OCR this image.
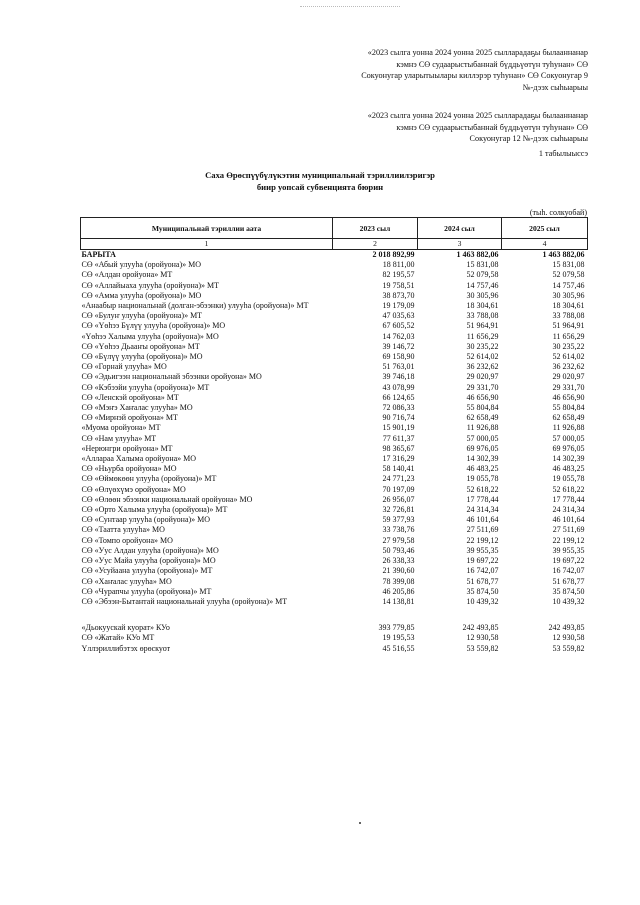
«2023 сылга уонна 2024 уонна 2025 сылларадаҕы былааннанар
кэмнэ СӨ судаарыстыбаннай бүддьүөтүн туһунан» СӨ
Сокуонугар уларытыылары киллэрэр туһунан» СӨ Сокуонугар 9
№-дээх сыһыарыы
«2023 сылга уонна 2024 уонна 2025 сылларадаҕы былааннанар
кэмнэ СӨ судаарыстыбаннай бүддьүөтүн туһунан» СӨ
Сокуонугар 12 №-дээх сыһыарыы
1 табылыыссэ
Саха Өрөспүүбүлүкэтин муниципальнай тэриллиилэригэр
биир уопсай субвенцията бюрин
(тыһ. солкуобай)
Муниципальнай тэриллии аата	2023 сыл	2024 сыл	2025 сыл
1	2	3	4
БАРЫТА	2 018 892,99	1 463 882,06	1 463 882,06
СӨ «Абый улууһа (оройуона)» МО	18 811,00	15 831,08	15 831,08
СӨ «Алдан оройуона» МТ	82 195,57	52 079,58	52 079,58
СӨ «Аллайыаха улууһа (оройуона)» МТ	19 758,51	14 757,46	14 757,46
СӨ «Амма улууһа (оройуона)» МО	38 873,70	30 305,96	30 305,96
«Анаабыр национальнай (долган-эбээнки) улууһа (оройуона)» МТ	19 179,09	18 304,61	18 304,61
СӨ «Булуҥ улууһа (оройуона)» МТ	47 035,63	33 788,08	33 788,08
СӨ «Үөһээ Бүлүү улууһа (оройуона)» МО	67 605,52	51 964,91	51 964,91
«Үөһээ Халыма улууһа (оройуона)» МО	14 762,03	11 656,29	11 656,29
СӨ «Үөһээ Дьааҥы оройуона» МТ	39 146,72	30 235,22	30 235,22
СӨ «Бүлүү улууһа (оройуона)» МО	69 158,90	52 614,02	52 614,02
СӨ «Горнай улууһа» МО	51 763,01	36 232,62	36 232,62
СӨ «Эдьигээн национальнай эбээнки оройуона» МО	39 746,18	29 020,97	29 020,97
СӨ «Кэбээйи улууһа (оройуона)» МТ	43 078,99	29 331,70	29 331,70
СӨ «Ленскэй оройуона» МТ	66 124,65	46 656,90	46 656,90
СӨ «Мэҥэ Хаҥалас улууһа» МО	72 086,33	55 804,84	55 804,84
СӨ «Мирнэй оройуона» МТ	90 716,74	62 658,49	62 658,49
«Муома оройуона» МТ	15 901,19	11 926,88	11 926,88
СӨ «Нам улууһа» МТ	77 611,37	57 000,05	57 000,05
«Нерюнгри оройуона» МТ	98 365,67	69 976,05	69 976,05
«Аллараа Халыма оройуона» МО	17 316,29	14 302,39	14 302,39
СӨ «Ньурба оройуона» МО	58 140,41	46 483,25	46 483,25
СӨ «Өймөкөөн улууһа (оройуона)» МТ	24 771,23	19 055,78	19 055,78
СӨ «Өлүөхүмэ оройуона» МО	70 197,09	52 618,22	52 618,22
СӨ «Өлөөн эбээнки национальнай оройуона» МО	26 956,07	17 778,44	17 778,44
СӨ «Орто Халыма улууһа (оройуона)» МТ	32 726,81	24 314,34	24 314,34
СӨ «Сунтаар улууһа (оройуона)» МО	59 377,93	46 101,64	46 101,64
СӨ «Таатта улууһа» МО	33 738,76	27 511,69	27 511,69
СӨ «Томпо оройуона» МО	27 979,58	22 199,12	22 199,12
СӨ «Уус Алдан улууһа (оройуона)» МО	50 793,46	39 955,35	39 955,35
СӨ «Уус Майа улууһа (оройуона)» МО	26 338,33	19 697,22	19 697,22
СӨ «Усуйаана улууһа (оройуона)» МТ	21 390,60	16 742,07	16 742,07
СӨ «Хаҥалас улууһа» МО	78 399,08	51 678,77	51 678,77
СӨ «Чурапчы улууһа (оройуона)» МТ	46 205,86	35 874,50	35 874,50
СӨ «Эбээн-Бытантай национальнай улууһа (оройуона)» МТ	14 138,81	10 439,32	10 439,32

«Дьокуускай куорат» КУо	393 779,85	242 493,85	242 493,85
СӨ «Жатай» КУо МТ	19 195,53	12 930,58	12 930,58
Үллэриллибэтэх өрөскуот	45 516,55	53 559,82	53 559,82
